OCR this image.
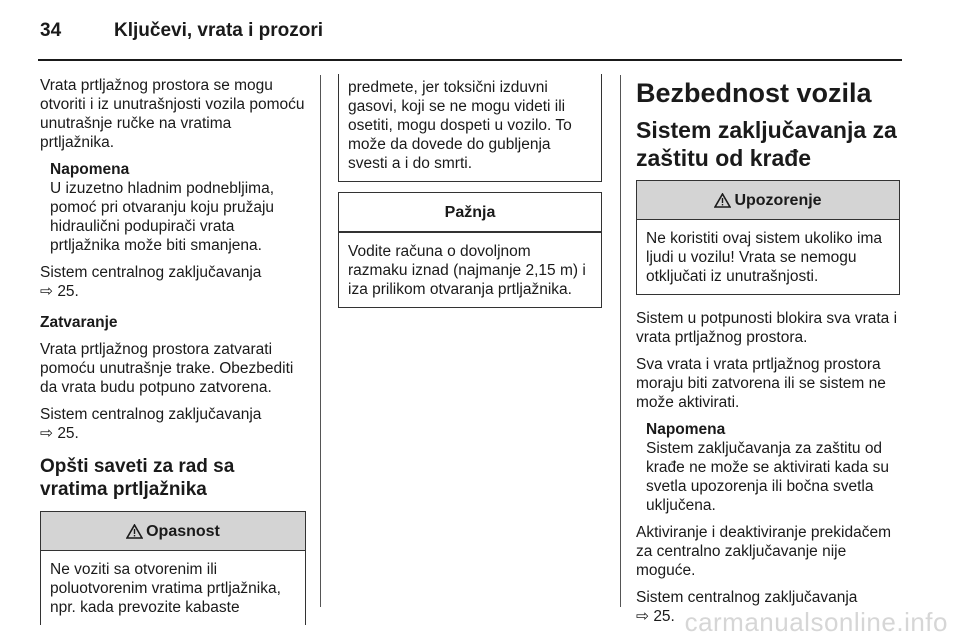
34	Ključevi, vrata i prozori

Vrata prtljažnog prostora se mogu otvoriti i iz unutrašnjosti vozila pomoću unutrašnje ručke na vratima prtljažnika.

Napomena
U izuzetno hladnim podnebljima, pomoć pri otvaranju koju pružaju hidraulični podupirači vrata prtljažnika može biti smanjena.

Sistem centralnog zaključavanja
⇨ 25.

Zatvaranje

Vrata prtljažnog prostora zatvarati pomoću unutrašnje trake. Obezbediti da vrata budu potpuno zatvorena.

Sistem centralnog zaključavanja
⇨ 25.

Opšti saveti za rad sa vratima prtljažnika
Opasnost
Ne voziti sa otvorenim ili poluotvorenim vratima prtljažnika, npr. kada prevozite kabaste
predmete, jer toksični izduvni gasovi, koji se ne mogu videti ili osetiti, mogu dospeti u vozilo. To može da dovede do gubljenja svesti a i do smrti.
Pažnja
Vodite računa o dovoljnom razmaku iznad (najmanje 2,15 m) i iza prilikom otvaranja prtljažnika.
Bezbednost vozila
Sistem zaključavanja za zaštitu od krađe
Upozorenje
Ne koristiti ovaj sistem ukoliko ima ljudi u vozilu! Vrata se nemogu otključati iz unutrašnjosti.

Sistem u potpunosti blokira sva vrata i vrata prtljažnog prostora.

Sva vrata i vrata prtljažnog prostora moraju biti zatvorena ili se sistem ne može aktivirati.

Napomena
Sistem zaključavanja za zaštitu od krađe ne može se aktivirati kada su svetla upozorenja ili bočna svetla uključena.

Aktiviranje i deaktiviranje prekidačem za centralno zaključavanje nije moguće.

Sistem centralnog zaključavanja
⇨ 25. carmanualsonline.info
